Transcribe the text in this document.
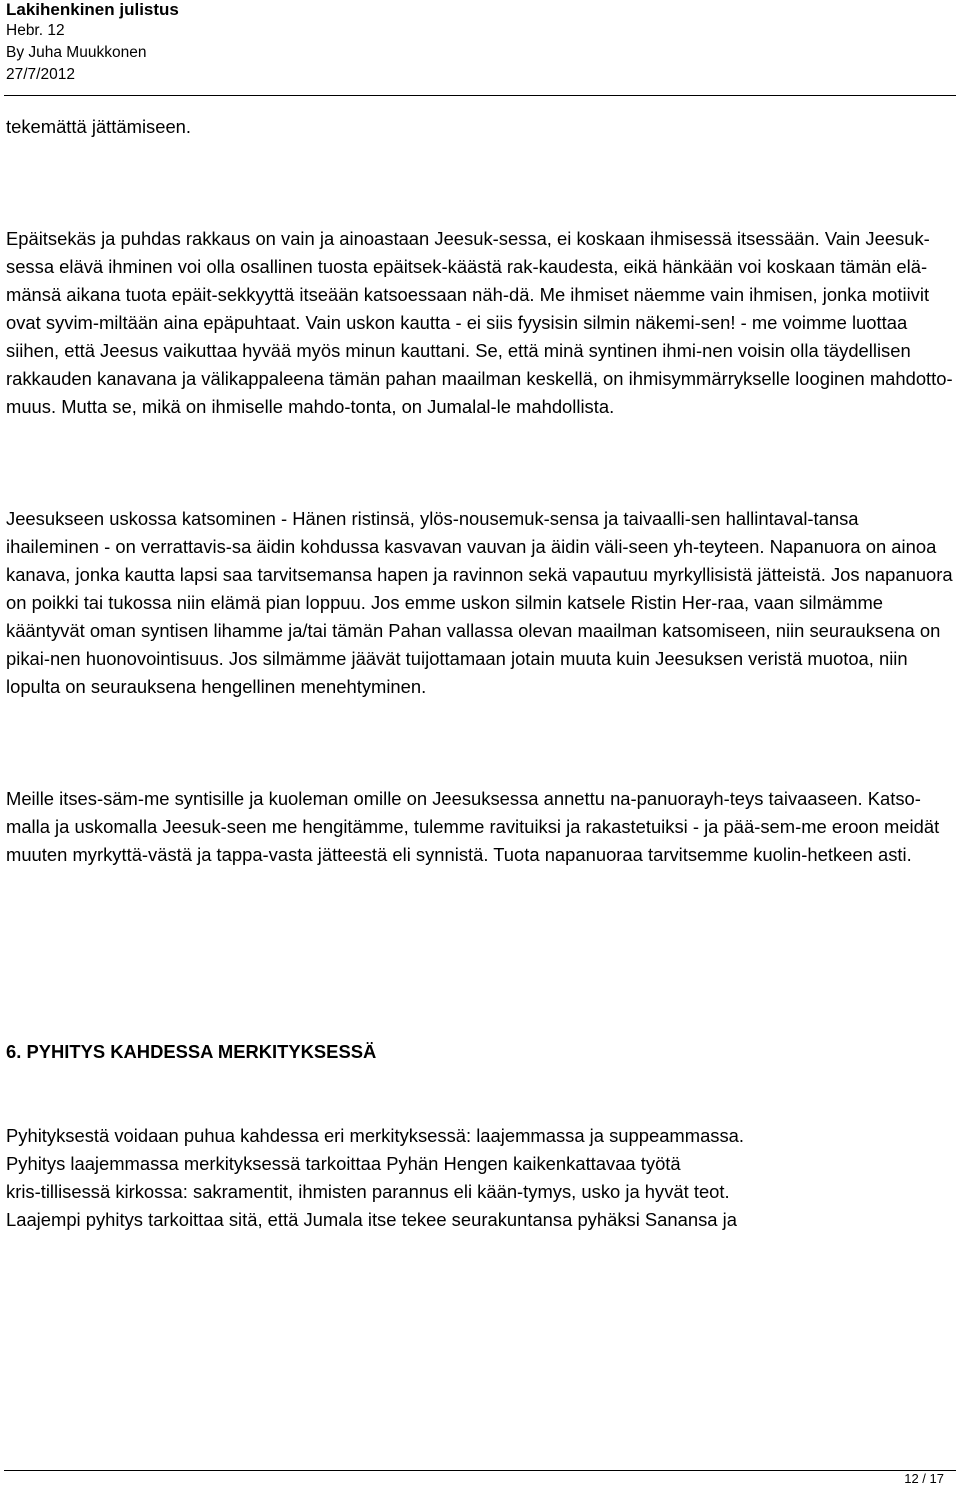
Lakihenkinen julistus
Hebr. 12
By Juha Muukkonen
27/7/2012

tekemättä jättämiseen.

Epäitsekäs ja puhdas rakkaus on vain ja ainoastaan Jeesuk-sessa, ei koskaan ihmisessä itsessään. Vain Jeesuk-sessa elävä ihminen voi olla osallinen tuosta epäitsek-käästä rak-kaudesta, eikä hänkään voi koskaan tämän elä-mänsä aikana tuota epäit-sekkyyttä itseään katsoessaan näh-dä. Me ihmiset näemme vain ihmisen, jonka motiivit ovat syvim-miltään aina epäpuhtaat. Vain uskon kautta - ei siis fyysisin silmin näkemi-sen! - me voimme luottaa siihen, että Jeesus vaikuttaa hyvää myös minun kauttani. Se, että minä syntinen ihmi-nen voisin olla täydellisen rakkauden kanavana ja välikappaleena tämän pahan maailman keskellä, on ihmisymmärrykselle looginen mahdotto-muus. Mutta se, mikä on ihmiselle mahdo-tonta, on Jumalal-le mahdollista.

Jeesukseen uskossa katsominen - Hänen ristinsä, ylös-nousemuk-sensa ja taivaalli-sen hallintaval-tansa ihaileminen - on verrattavis-sa äidin kohdussa kasvavan vauvan ja äidin väli-seen yh-teyteen. Napanuora on ainoa kanava, jonka kautta lapsi saa tarvitsemansa hapen ja ravinnon sekä vapautuu myrkyllisistä jätteistä. Jos napanuora on poikki tai tukossa niin elämä pian loppuu. Jos emme uskon silmin katsele Ristin Her-raa, vaan silmämme kääntyvät oman syntisen lihamme ja/tai tämän Pahan vallassa olevan maailman katsomiseen, niin seurauksena on pikai-nen huonovointisuus. Jos silmämme jäävät tuijottamaan jotain muuta kuin Jeesuksen veristä muotoa, niin lopulta on seurauksena hengellinen menehtyminen.

Meille itses-säm-me syntisille ja kuoleman omille on Jeesuksessa annettu na-panuorayh-teys taivaaseen. Katso-malla ja uskomalla Jeesuk-seen me hengitämme, tulemme ravituiksi ja rakastetuiksi - ja pää-sem-me eroon meidät muuten myrkyttä-västä ja tappa-vasta jätteestä eli synnistä. Tuota napanuoraa tarvitsemme kuolin-hetkeen asti.

6. PYHITYS KAHDESSA MERKITYKSESSÄ

Pyhityksestä voidaan puhua kahdessa eri merkityksessä: laajemmassa ja suppeammassa.

Pyhitys laajemmassa merkityksessä tarkoittaa Pyhän Hengen kaikenkattavaa työtä

kris-tillisessä kirkossa: sakramentit, ihmisten parannus eli kään-tymys, usko ja hyvät teot.

Laajempi pyhitys tarkoittaa sitä, että Jumala itse tekee seurakuntansa pyhäksi Sanansa ja

12 / 17
